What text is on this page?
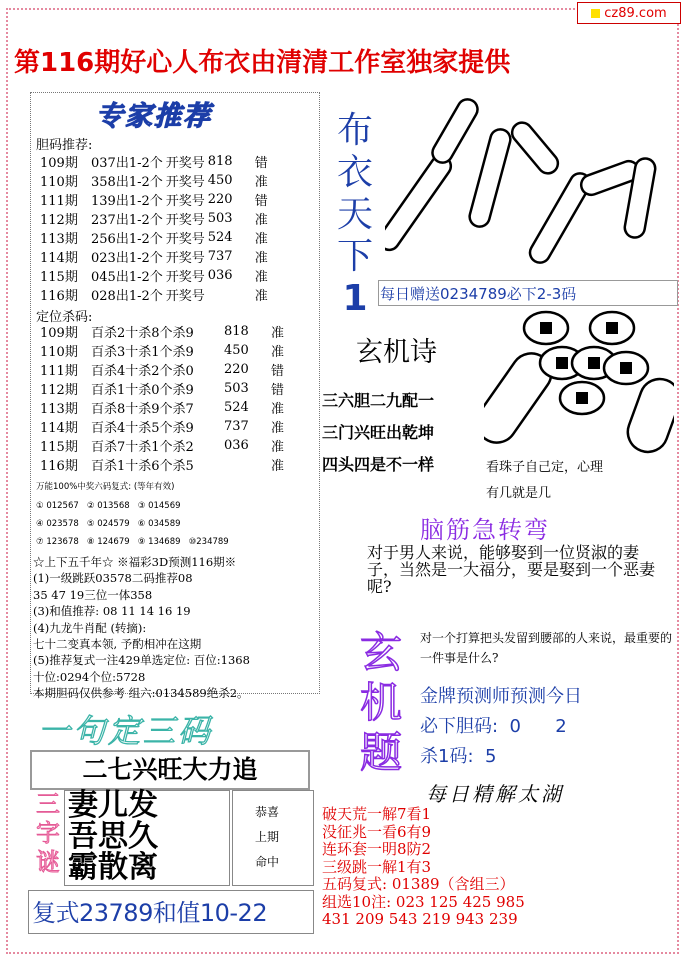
cz89.com
第116期好心人布衣由清清工作室独家提供
专家推荐
胆码推荐:
109期	037出1-2个	开奖号	818	错
110期	358出1-2个	开奖号	450	准
111期	139出1-2个	开奖号	220	错
112期	237出1-2个	开奖号	503	准
113期	256出1-2个	开奖号	524	准
114期	023出1-2个	开奖号	737	准
115期	045出1-2个	开奖号	036	准
116期	028出1-2个	开奖号		准
定位杀码:
109期	百杀2十杀8个杀9	818	准
110期	百杀3十杀1个杀9	450	准
111期	百杀4十杀2个杀0	220	错
112期	百杀1十杀0个杀9	503	错
113期	百杀8十杀9个杀7	524	准
114期	百杀4十杀5个杀9	737	准
115期	百杀7十杀1个杀2	036	准
116期	百杀1十杀6个杀5		准
万能100%中奖六码复式: (等年有效)
① 012567   ② 013568   ③ 014569
④ 023578   ⑤ 024579   ⑥ 034589
⑦ 123678   ⑧ 124679   ⑨ 134689   ⑩234789
☆上下五千年☆ ※福彩3D预测116期※
(1)一级跳跃03578二码推荐08
35 47 19三位一体358
(3)和值推荐: 08 11 14 16 19
(4)九龙牛肖配 (转摘):
七十二变真本领, 予酌相冲在这期
(5)推荐复式一注429单选定位: 百位:1368
十位:0294个位:5728
本期胆码仅供参考 组六:0134589绝杀2。
布
衣
天
下
1 每日赠送0234789必下2-3码
玄机诗
三六胆二九配一
三门兴旺出乾坤
四头四是不一样	看珠子自己定，心理
有几就是几
脑筋急转弯
对于男人来说，能够娶到一位贤淑的妻子，当然是一大福分，要是娶到一个恶妻呢?
玄
机
题
对一个打算把头发留到腰部的人来说，最重要的一件事是什么?
金牌预测师预测今日
必下胆码:  0      2
杀1码:  5
每日精解太湖
破天荒一解7看1
没征兆一看6有9
连环套一明8防2
三级跳一解1有3
五码复式: 01389（含组三）
组选10注: 023 125 425 985
431 209 543 219 943 239
一句定三码
二七兴旺大力追
三
字
谜
妻儿发
吾思久
霸散离
恭喜
上期
命中
复式23789和值10-22
